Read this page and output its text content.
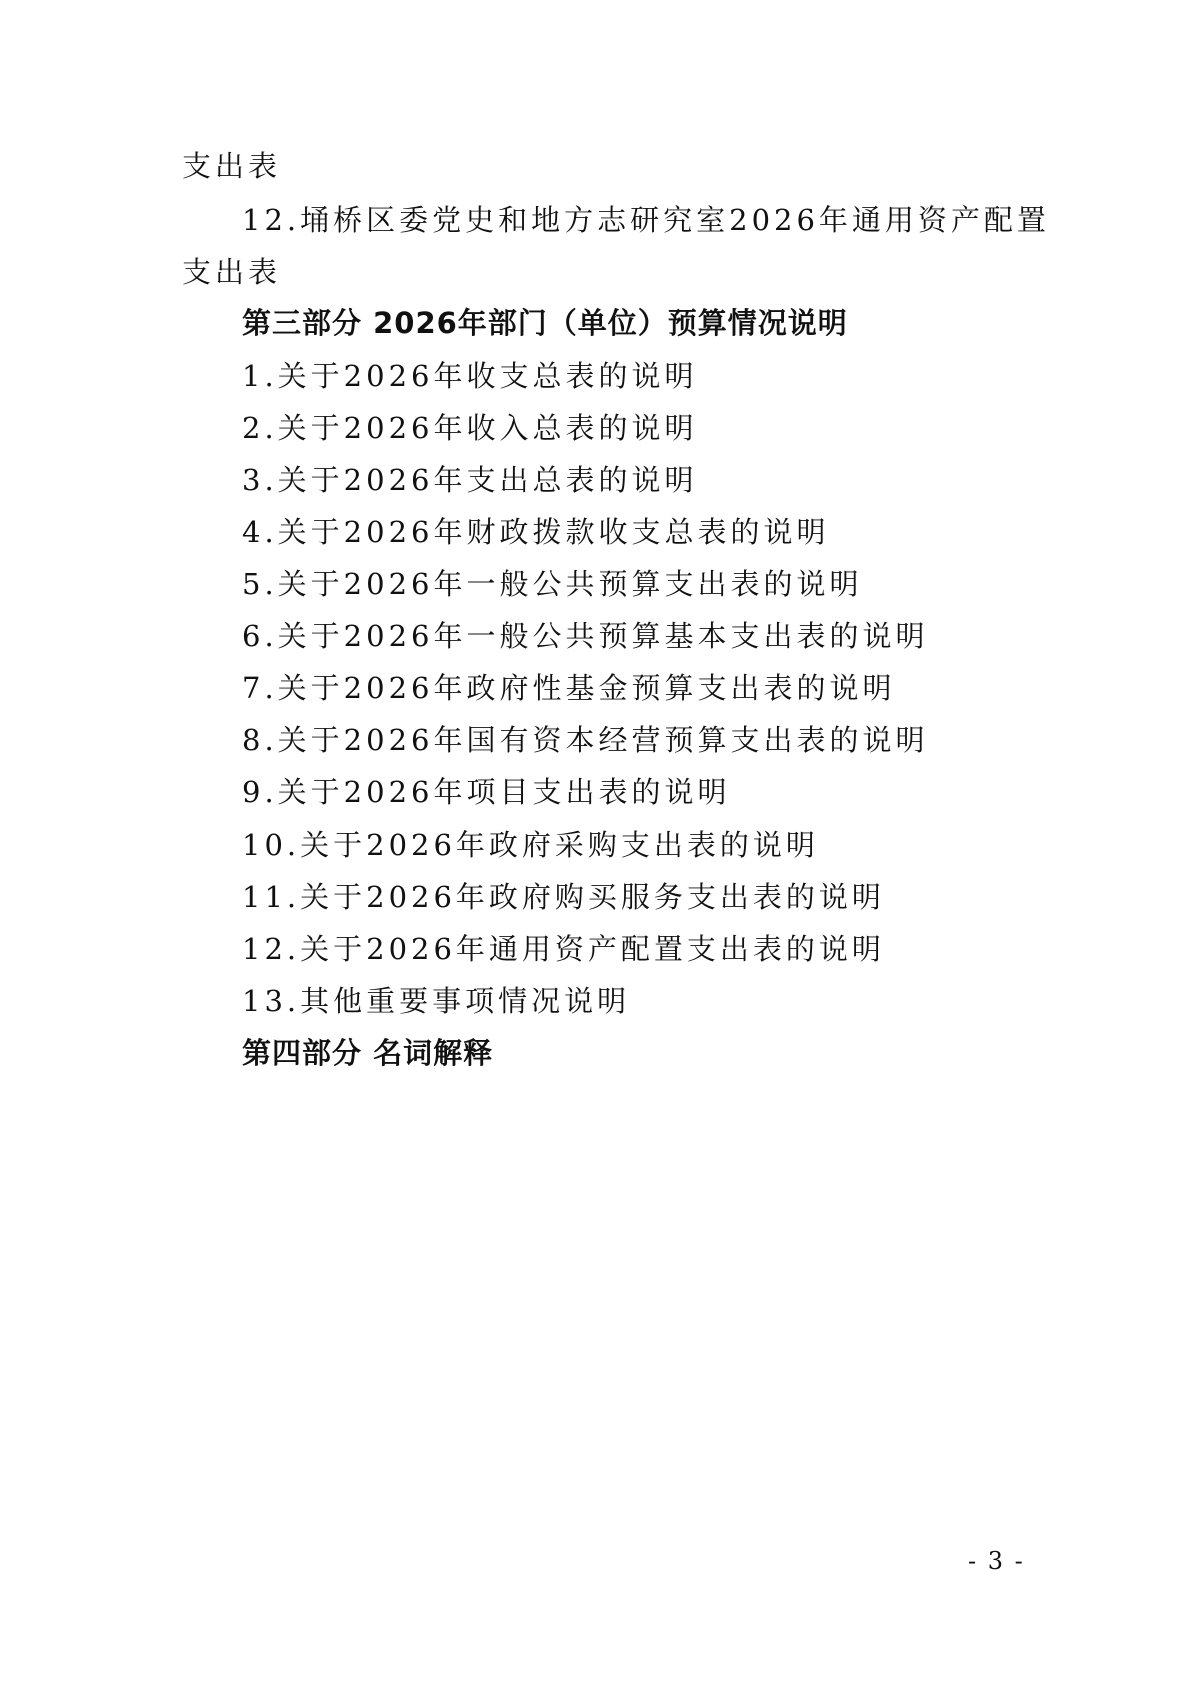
支出表
12.埇桥区委党史和地方志研究室2026年通用资产配置
支出表
第三部分 2026年部门（单位）预算情况说明
1.关于2026年收支总表的说明
2.关于2026年收入总表的说明
3.关于2026年支出总表的说明
4.关于2026年财政拨款收支总表的说明
5.关于2026年一般公共预算支出表的说明
6.关于2026年一般公共预算基本支出表的说明
7.关于2026年政府性基金预算支出表的说明
8.关于2026年国有资本经营预算支出表的说明
9.关于2026年项目支出表的说明
10.关于2026年政府采购支出表的说明
11.关于2026年政府购买服务支出表的说明
12.关于2026年通用资产配置支出表的说明
13.其他重要事项情况说明
第四部分 名词解释
- 3 -
